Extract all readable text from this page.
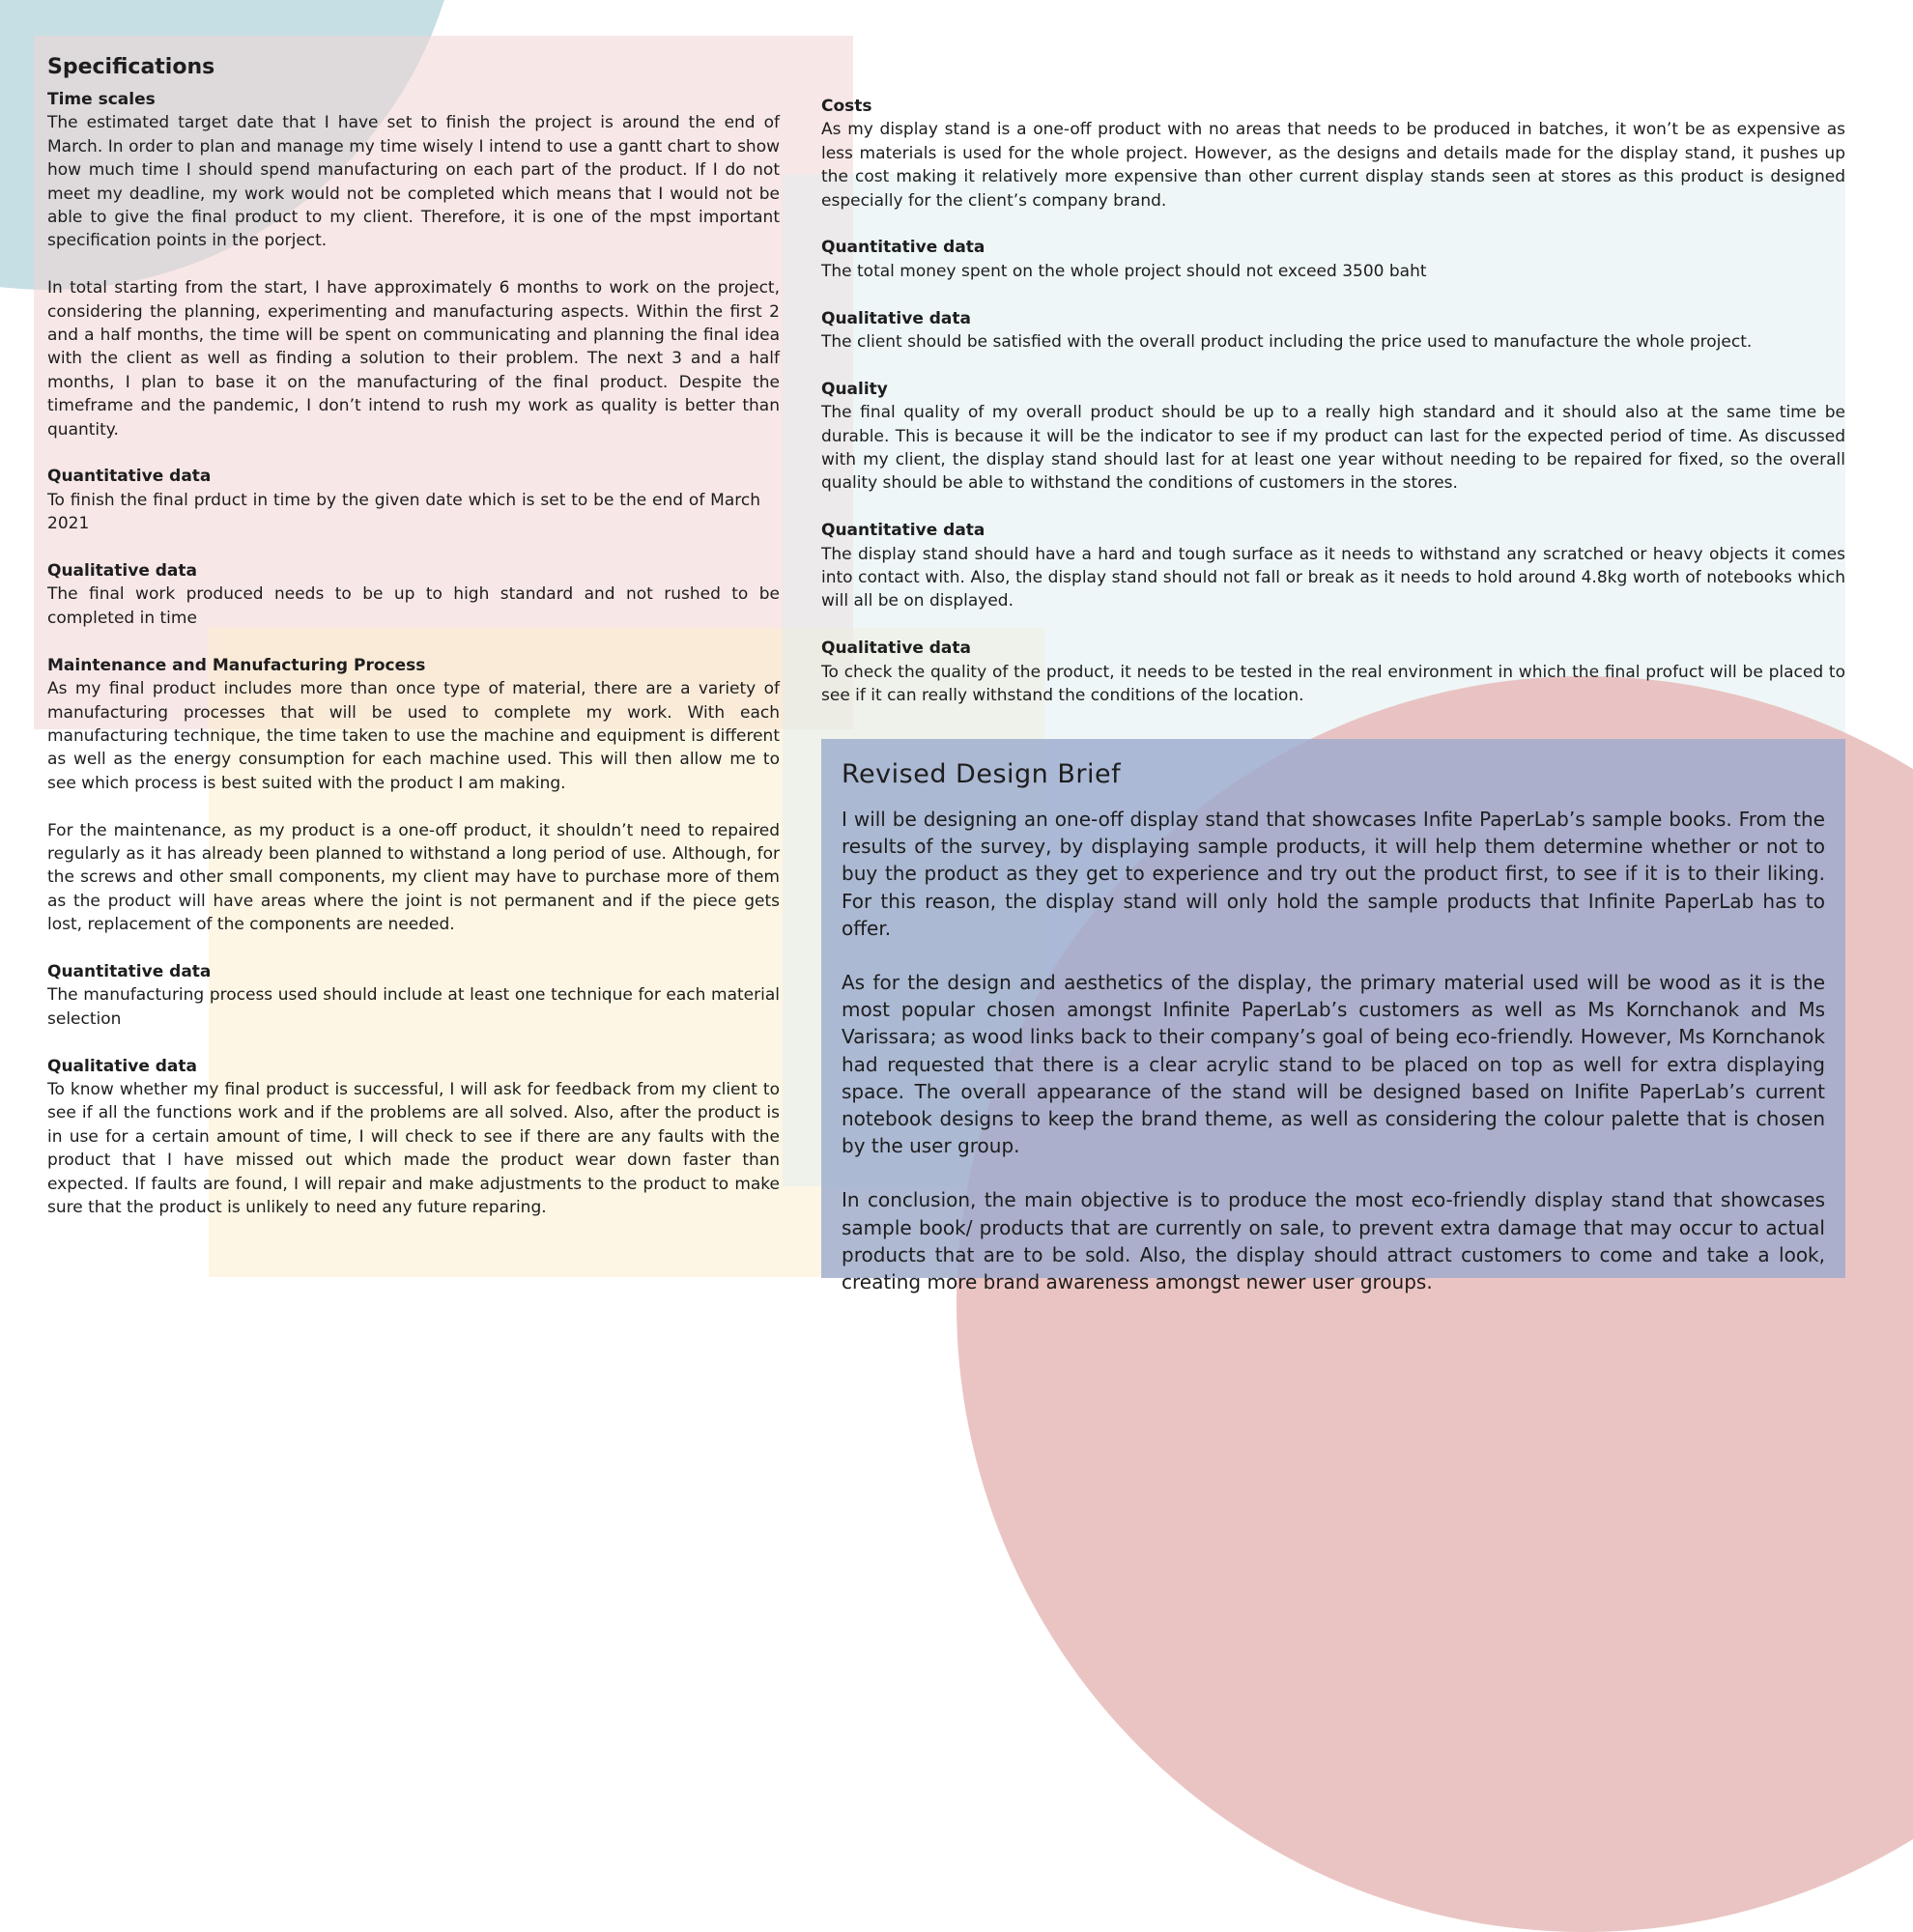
Specifications

Time scales

The estimated target date that I have set to finish the project is around the end of March. In order to plan and manage my time wisely I intend to use a gantt chart to show how much time I should spend manufacturing on each part of the product. If I do not meet my deadline, my work would not be completed which means that I would not be able to give the final product to my client. Therefore, it is one of the mpst important specification points in the porject.

In total starting from the start, I have approximately 6 months to work on the project, considering the planning, experimenting and manufacturing aspects. Within the first 2 and a half months, the time will be spent on communicating and planning the final idea with the client as well as finding a solution to their problem. The next 3 and a half months, I plan to base it on the manufacturing of the final product. Despite the timeframe and the pandemic, I don’t intend to rush my work as quality is better than quantity.

Quantitative data

To finish the final prduct in time by the given date which is set to be the end of March 2021

Qualitative data

The final work produced needs to be up to high standard and not rushed to be completed in time

Maintenance and Manufacturing Process

As my final product includes more than once type of material, there are a variety of manufacturing processes that will be used to complete my work. With each manufacturing technique, the time taken to use the machine and equipment is different as well as the energy consumption for each machine used. This will then allow me to see which process is best suited with the product I am making.

For the maintenance, as my product is a one-off product, it shouldn’t need to repaired regularly as it has already been planned to withstand a long period of use. Although, for the screws and other small components, my client may have to purchase more of them as the product will have areas where the joint is not permanent and if the piece gets lost, replacement of the components are needed.

Quantitative data

The manufacturing process used should include at least one technique for each material selection

Qualitative data

To know whether my final product is successful, I will ask for feedback from my client to see if all the functions work and if the problems are all solved. Also, after the product is in use for a certain amount of time, I will check to see if there are any faults with the product that I have missed out which made the product wear down faster than expected. If faults are found, I will repair and make adjustments to the product to make sure that the product is unlikely to need any future reparing.

Costs

As my display stand is a one-off product with no areas that needs to be produced in batches, it won’t be as expensive as less materials is used for the whole project. However, as the designs and details made for the display stand, it pushes up the cost making it relatively more expensive than other current display stands seen at stores as this product is designed especially for the client’s company brand.

Quantitative data

The total money spent on the whole project should not exceed 3500 baht

Qualitative data

The client should be satisfied with the overall product including the price used to manufacture the whole project.

Quality

The final quality of my overall product should be up to a really high standard and it should also at the same time be durable. This is because it will be the indicator to see if my product can last for the expected period of time. As discussed with my client, the display stand should last for at least one year without needing to be repaired for fixed, so the overall quality should be able to withstand the conditions of customers in the stores.

Quantitative data

The display stand should have a hard and tough surface as it needs to withstand any scratched or heavy objects it comes into contact with. Also, the display stand should not fall or break as it needs to hold around 4.8kg worth of notebooks which will all be on displayed.

Qualitative data

To check the quality of the product, it needs to be tested in the real environment in which the final profuct will be placed to see if it can really withstand the conditions of the location.

Revised Design Brief

I will be designing an one-off display stand that showcases Infite PaperLab’s sample books. From the results of the survey, by displaying sample products, it will help them determine whether or not to buy the product as they get to experience and try out the product first, to see if it is to their liking. For this reason, the display stand will only hold the sample products that Infinite PaperLab has to offer.

As for the design and aesthetics of the display, the primary material used will be wood as it is the most popular chosen amongst Infinite PaperLab’s customers as well as Ms Kornchanok and Ms Varissara; as wood links back to their company’s goal of being eco-friendly. However, Ms Kornchanok had requested that there is a clear acrylic stand to be placed on top as well for extra displaying space. The overall appearance of the stand will be designed based on Inifite PaperLab’s current notebook designs to keep the brand theme, as well as considering the colour palette that is chosen by the user group.

In conclusion, the main objective is to produce the most eco-friendly display stand that showcases sample book/ products that are currently on sale, to prevent extra damage that may occur to actual products that are to be sold. Also, the display should attract customers to come and take a look, creating more brand awareness amongst newer user groups.
